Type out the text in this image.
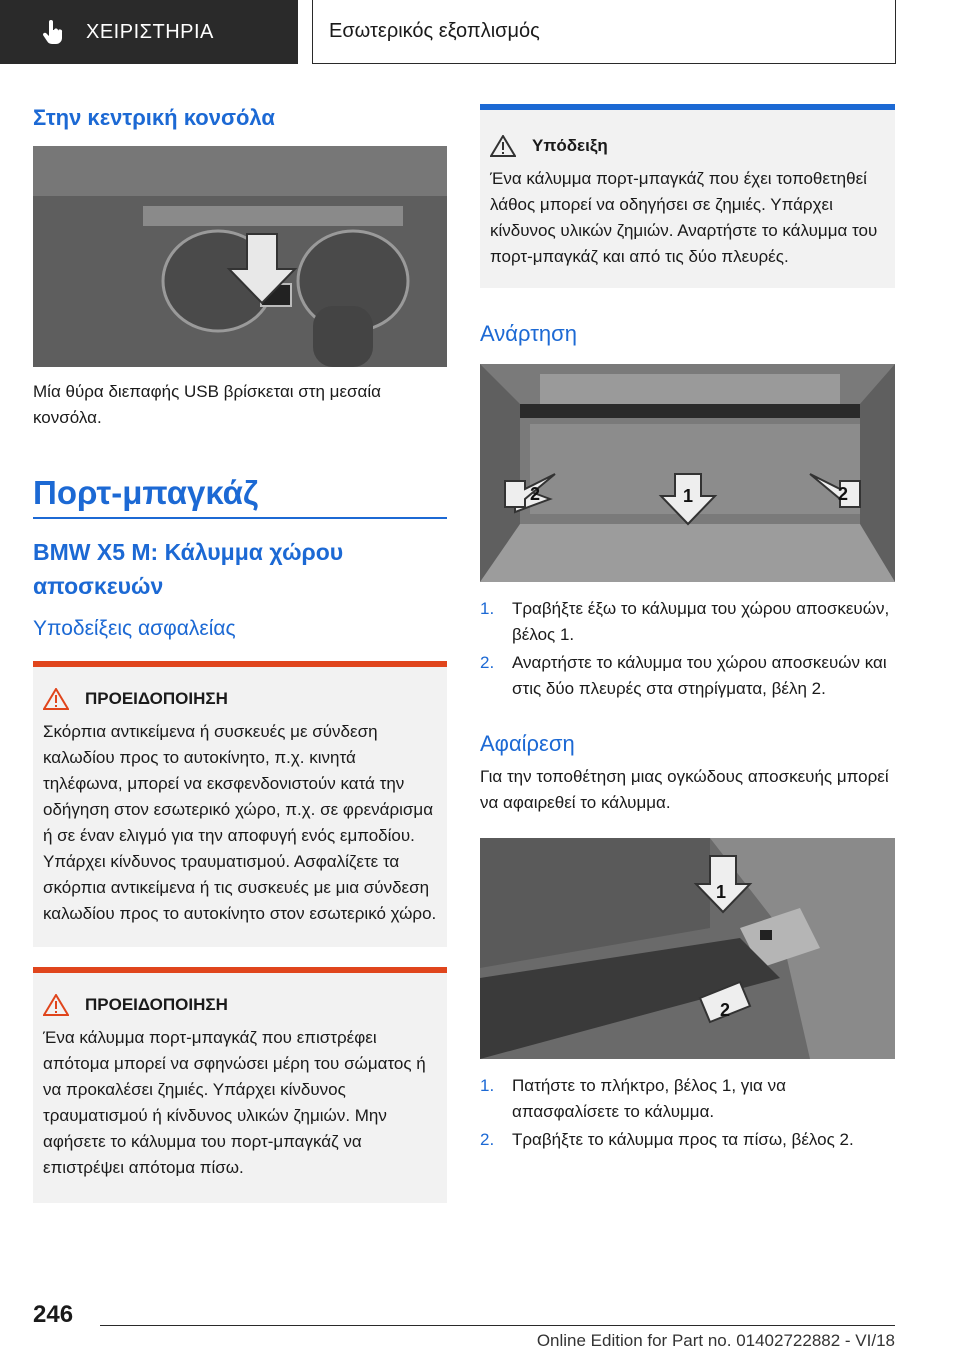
ΧΕΙΡΙΣΤΗΡΙΑ	Εσωτερικός εξοπλισμός
Στην κεντρική κονσόλα

Μία θύρα διεπαφής USB βρίσκεται στη μεσαία κονσόλα.

Πορτ-μπαγκάζ
BMW X5 M: Κάλυμμα χώρου αποσκευών
Υποδείξεις ασφαλείας
ΠΡΟΕΙΔΟΠΟΙΗΣΗ

Σκόρπια αντικείμενα ή συσκευές με σύνδεση καλωδίου προς το αυτοκίνητο, π.χ. κινητά τηλέφωνα, μπορεί να εκσφενδονιστούν κατά την οδήγηση στον εσωτερικό χώρο, π.χ. σε φρενάρισμα ή σε έναν ελιγμό για την αποφυγή ενός εμποδίου. Υπάρχει κίνδυνος τραυματισμού. Ασφαλίζετε τα σκόρπια αντικείμενα ή τις συσκευές με μια σύνδεση καλωδίου προς το αυτοκίνητο στον εσωτερικό χώρο.

ΠΡΟΕΙΔΟΠΟΙΗΣΗ

Ένα κάλυμμα πορτ-μπαγκάζ που επιστρέφει απότομα μπορεί να σφηνώσει μέρη του σώματος ή να προκαλέσει ζημιές. Υπάρχει κίνδυνος τραυματισμού ή κίνδυνος υλικών ζημιών. Μην αφήσετε το κάλυμμα του πορτ-μπαγκάζ να επιστρέψει απότομα πίσω.

Υπόδειξη

Ένα κάλυμμα πορτ-μπαγκάζ που έχει τοποθετηθεί λάθος μπορεί να οδηγήσει σε ζημιές. Υπάρχει κίνδυνος υλικών ζημιών. Αναρτήστε το κάλυμμα του πορτ-μπαγκάζ και από τις δύο πλευρές.

Ανάρτηση
2	1	2
1.	Τραβήξτε έξω το κάλυμμα του χώρου αποσκευών, βέλος 1.
2.	Αναρτήστε το κάλυμμα του χώρου αποσκευών και στις δύο πλευρές στα στηρίγματα, βέλη 2.
Αφαίρεση

Για την τοποθέτηση μιας ογκώδους αποσκευής μπορεί να αφαιρεθεί το κάλυμμα.

1
2
1.	Πατήστε το πλήκτρο, βέλος 1, για να απασφαλίσετε το κάλυμμα.
2.	Τραβήξτε το κάλυμμα προς τα πίσω, βέλος 2.
246
Online Edition for Part no. 01402722882 - VI/18
